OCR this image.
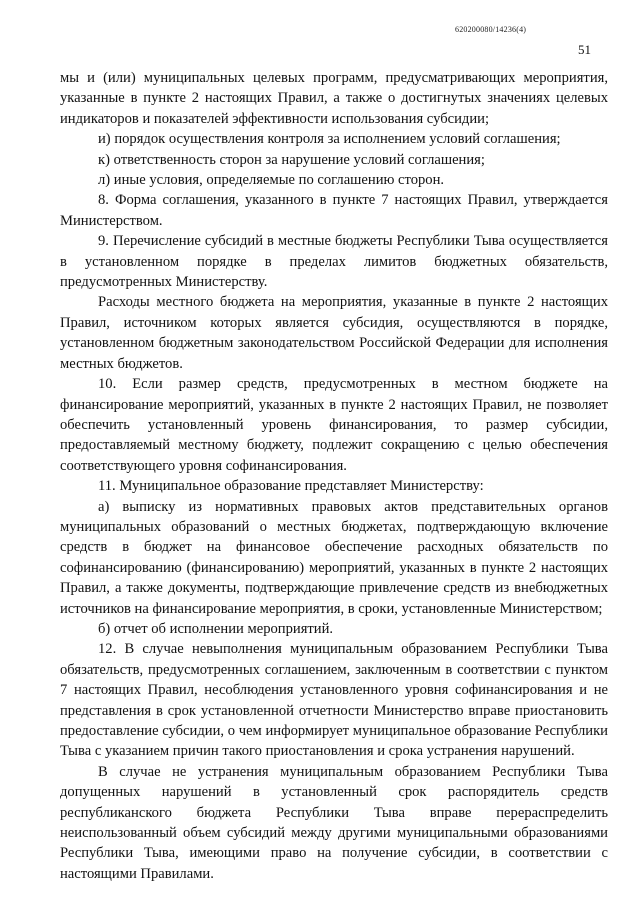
620200080/14236(4)
51

мы и (или) муниципальных целевых программ, предусматривающих мероприятия, указанные в пункте 2 настоящих Правил, а также о достигнутых значениях целевых индикаторов и показателей эффективности использования субсидии;

и) порядок осуществления контроля за исполнением условий соглашения;

к) ответственность сторон за нарушение условий соглашения;

л) иные условия, определяемые по соглашению сторон.

8. Форма соглашения, указанного в пункте 7 настоящих Правил, утверждается Министерством.

9. Перечисление субсидий в местные бюджеты Республики Тыва осуществляется в установленном порядке в пределах лимитов бюджетных обязательств, предусмотренных Министерству.

Расходы местного бюджета на мероприятия, указанные в пункте 2 настоящих Правил, источником которых является субсидия, осуществляются в порядке, установленном бюджетным законодательством Российской Федерации для исполнения местных бюджетов.

10. Если размер средств, предусмотренных в местном бюджете на финансирование мероприятий, указанных в пункте 2 настоящих Правил, не позволяет обеспечить установленный уровень финансирования, то размер субсидии, предоставляемый местному бюджету, подлежит сокращению с целью обеспечения соответствующего уровня софинансирования.

11. Муниципальное образование представляет Министерству:

а) выписку из нормативных правовых актов представительных органов муниципальных образований о местных бюджетах, подтверждающую включение средств в бюджет на финансовое обеспечение расходных обязательств по софинансированию (финансированию) мероприятий, указанных в пункте 2 настоящих Правил, а также документы, подтверждающие привлечение средств из внебюджетных источников на финансирование мероприятия, в сроки, установленные Министерством;

б) отчет об исполнении мероприятий.

12. В случае невыполнения муниципальным образованием Республики Тыва обязательств, предусмотренных соглашением, заключенным в соответствии с пунктом 7 настоящих Правил, несоблюдения установленного уровня софинансирования и не представления в срок установленной отчетности Министерство вправе приостановить предоставление субсидии, о чем информирует муниципальное образование Республики Тыва с указанием причин такого приостановления и срока устранения нарушений.

В случае не устранения муниципальным образованием Республики Тыва допущенных нарушений в установленный срок распорядитель средств республиканского бюджета Республики Тыва вправе перераспределить неиспользованный объем субсидий между другими муниципальными образованиями Республики Тыва, имеющими право на получение субсидии, в соответствии с настоящими Правилами.
